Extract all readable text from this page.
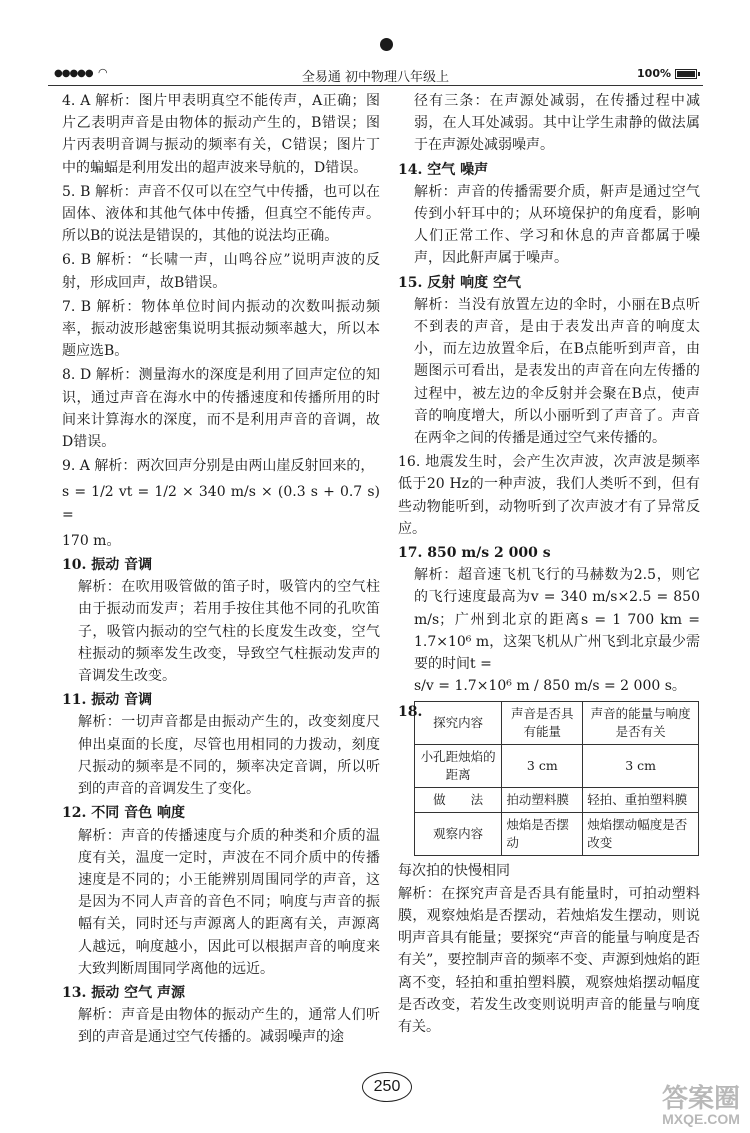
●●●●● ◠	全易通 初中物理八年级上	100%

4. A 解析：图片甲表明真空不能传声，A正确；图片乙表明声音是由物体的振动产生的，B错误；图片丙表明音调与振动的频率有关，C错误；图片丁中的蝙蝠是利用发出的超声波来导航的，D错误。

5. B 解析：声音不仅可以在空气中传播，也可以在固体、液体和其他气体中传播，但真空不能传声。所以B的说法是错误的，其他的说法均正确。

6. B 解析：“长啸一声，山鸣谷应”说明声波的反射，形成回声，故B错误。

7. B 解析：物体单位时间内振动的次数叫振动频率，振动波形越密集说明其振动频率越大，所以本题应选B。

8. D 解析：测量海水的深度是利用了回声定位的知识，通过声音在海水中的传播速度和传播所用的时间来计算海水的深度，而不是利用声音的音调，故D错误。

9. A 解析：两次回声分别是由两山崖反射回来的，

s = 1/2 vt = 1/2 × 340 m/s × (0.3 s + 0.7 s) =

170 m。

10. 振动 音调

解析：在吹用吸管做的笛子时，吸管内的空气柱由于振动而发声；若用手按住其他不同的孔吹笛子，吸管内振动的空气柱的长度发生改变，空气柱振动的频率发生改变，导致空气柱振动发声的音调发生改变。

11. 振动 音调

解析：一切声音都是由振动产生的，改变刻度尺伸出桌面的长度，尽管也用相同的力拨动，刻度尺振动的频率是不同的，频率决定音调，所以听到的声音的音调发生了变化。

12. 不同 音色 响度

解析：声音的传播速度与介质的种类和介质的温度有关，温度一定时，声波在不同介质中的传播速度是不同的；小王能辨别周围同学的声音，这是因为不同人声音的音色不同；响度与声音的振幅有关，同时还与声源离人的距离有关，声源离人越远，响度越小，因此可以根据声音的响度来大致判断周围同学离他的远近。

13. 振动 空气 声源

解析：声音是由物体的振动产生的，通常人们听到的声音是通过空气传播的。减弱噪声的途

径有三条：在声源处减弱，在传播过程中减弱，在人耳处减弱。其中让学生肃静的做法属于在声源处减弱噪声。

14. 空气 噪声

解析：声音的传播需要介质，鼾声是通过空气传到小轩耳中的；从环境保护的角度看，影响人们正常工作、学习和休息的声音都属于噪声，因此鼾声属于噪声。

15. 反射 响度 空气

解析：当没有放置左边的伞时，小丽在B点听不到表的声音，是由于表发出声音的响度太小，而左边放置伞后，在B点能听到声音，由题图示可看出，是表发出的声音在向左传播的过程中，被左边的伞反射并会聚在B点，使声音的响度增大，所以小丽听到了声音了。声音在两伞之间的传播是通过空气来传播的。

16. 地震发生时，会产生次声波，次声波是频率低于20 Hz的一种声波，我们人类听不到，但有些动物能听到，动物听到了次声波才有了异常反应。

17. 850 m/s 2 000 s

解析：超音速飞机飞行的马赫数为2.5，则它的飞行速度最高为v = 340 m/s×2.5 = 850 m/s；广州到北京的距离s = 1 700 km = 1.7×10⁶ m，这架飞机从广州飞到北京最少需要的时间t =

s/v = 1.7×10⁶ m / 850 m/s = 2 000 s。

18.
探究内容	声音是否具有能量	声音的能量与响度是否有关
小孔距烛焰的距离	3 cm	3 cm
做　　法	拍动塑料膜	轻拍、重拍塑料膜
观察内容	烛焰是否摆动	烛焰摆动幅度是否改变

每次拍的快慢相同

解析：在探究声音是否具有能量时，可拍动塑料膜，观察烛焰是否摆动，若烛焰发生摆动，则说明声音具有能量；要探究“声音的能量与响度是否有关”，要控制声音的频率不变、声源到烛焰的距离不变，轻拍和重拍塑料膜，观察烛焰摆动幅度是否改变，若发生改变则说明声音的能量与响度有关。

250	答案圈
MXQE.COM
